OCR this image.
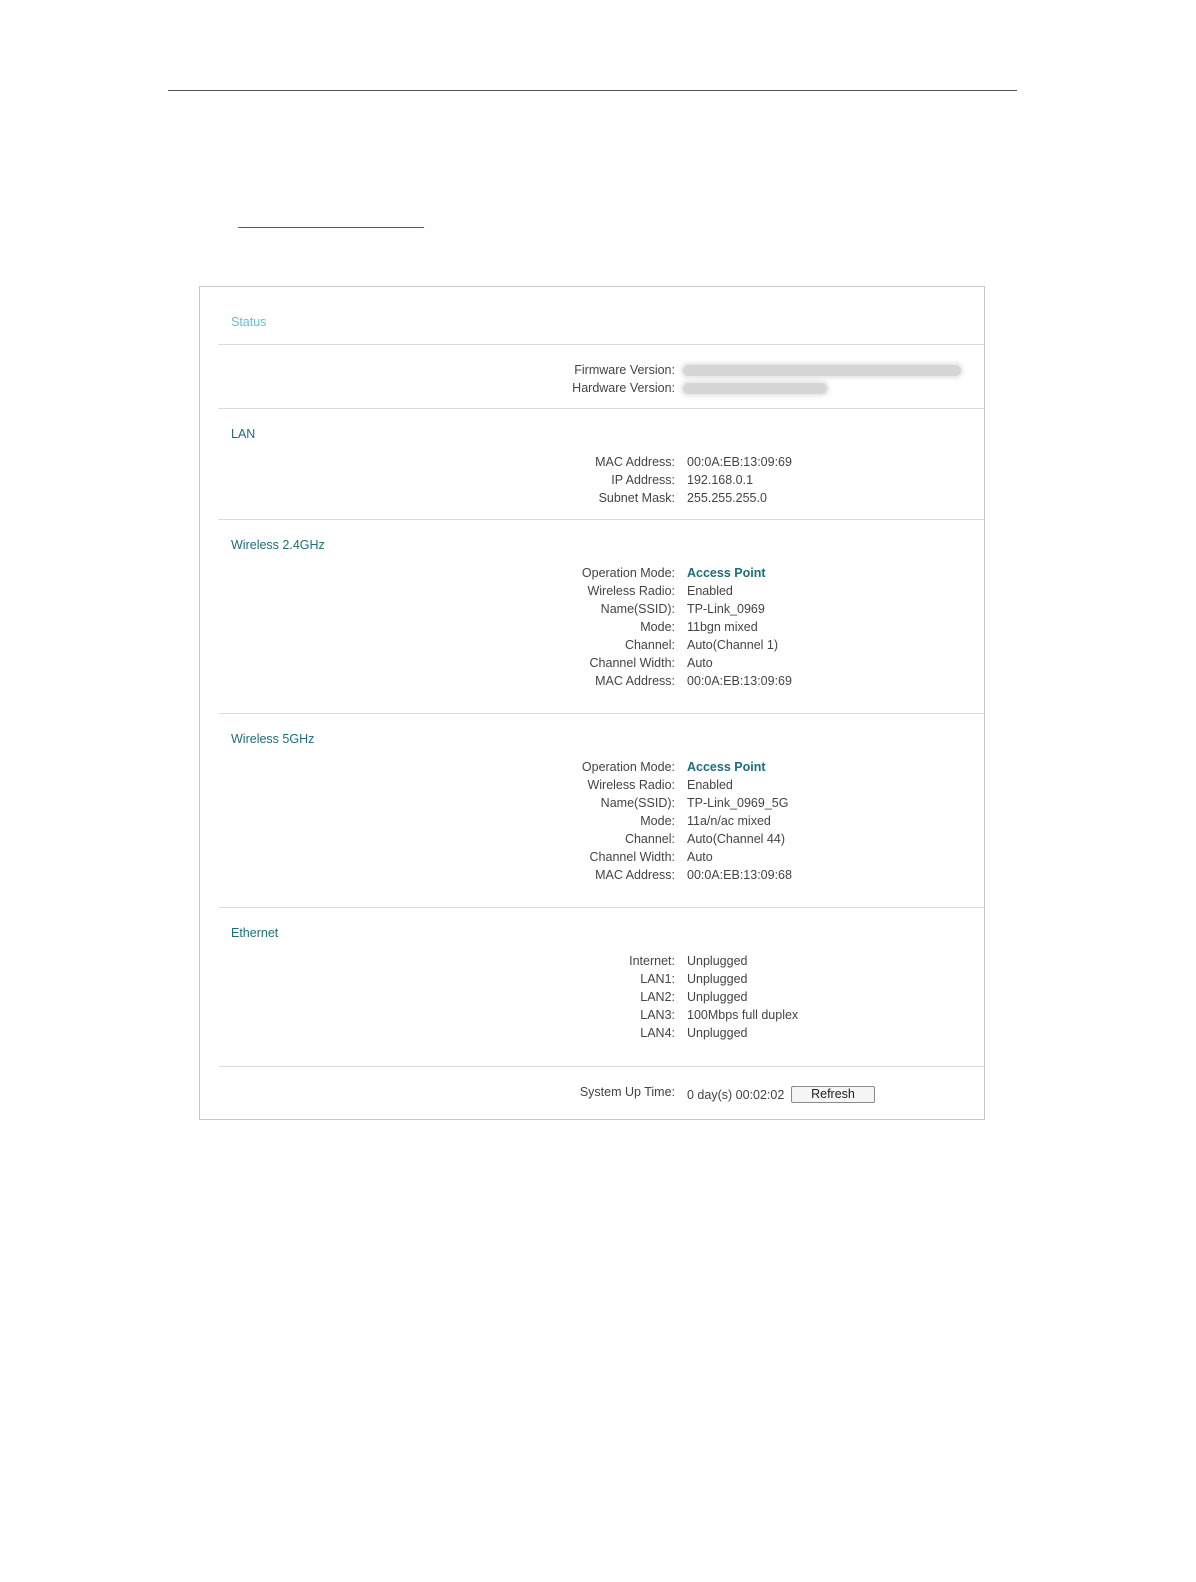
Status
Firmware Version:
Hardware Version:
LAN
MAC Address: 00:0A:EB:13:09:69
IP Address: 192.168.0.1
Subnet Mask: 255.255.255.0
Wireless 2.4GHz
Operation Mode: Access Point
Wireless Radio: Enabled
Name(SSID): TP-Link_0969
Mode: 11bgn mixed
Channel: Auto(Channel 1)
Channel Width: Auto
MAC Address: 00:0A:EB:13:09:69
Wireless 5GHz
Operation Mode: Access Point
Wireless Radio: Enabled
Name(SSID): TP-Link_0969_5G
Mode: 11a/n/ac mixed
Channel: Auto(Channel 44)
Channel Width: Auto
MAC Address: 00:0A:EB:13:09:68
Ethernet
Internet: Unplugged
LAN1: Unplugged
LAN2: Unplugged
LAN3: 100Mbps full duplex
LAN4: Unplugged
System Up Time: 0 day(s) 00:02:02	Refresh
